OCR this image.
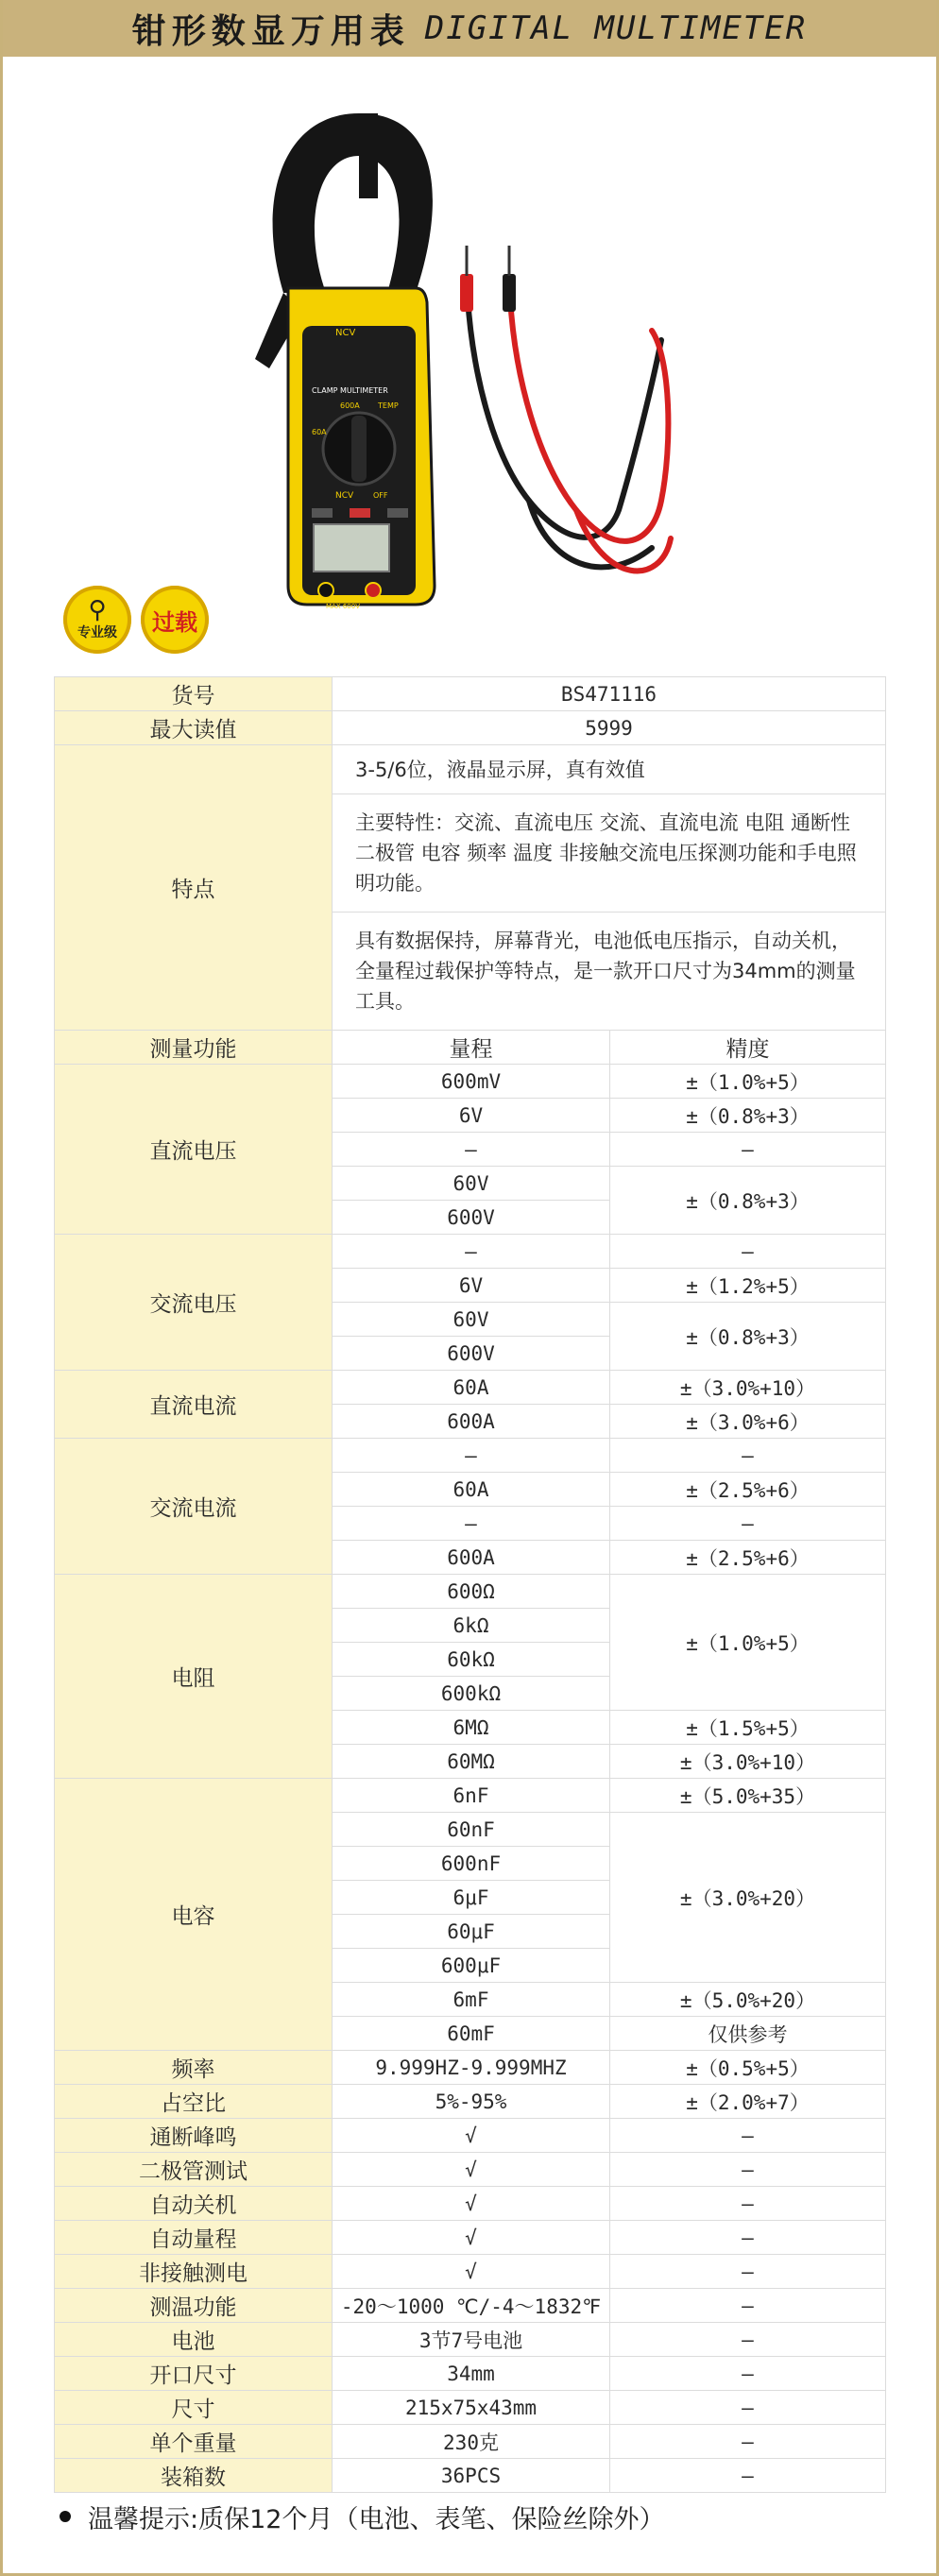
钳形数显万用表 DIGITAL MULTIMETER
NCV
CLAMP MULTIMETER
600A
60A
TEMP
NCV	OFF
MAX 600V
⚲
专业级 过载
货号	BS471116	
最大读值	5999	
特点	3-5/6位，液晶显示屏，真有效值	
	主要特性：交流、直流电压 交流、直流电流 电阻 通断性 二极管 电容 频率 温度 非接触交流电压探测功能和手电照明功能。	
	具有数据保持，屏幕背光，电池低电压指示，自动关机，全量程过载保护等特点，是一款开口尺寸为34mm的测量工具。	
测量功能	量程	精度
直流电压	600mV	±（1.0%+5）
	6V	±（0.8%+3）
	–	–
	60V	±（0.8%+3）
	600V	
交流电压	–	–
	6V	±（1.2%+5）
	60V	±（0.8%+3）
	600V	
直流电流	60A	±（3.0%+10）
	600A	±（3.0%+6）
交流电流	–	–
	60A	±（2.5%+6）
	–	–
	600A	±（2.5%+6）
电阻	600Ω	±（1.0%+5）
	6kΩ	
	60kΩ	
	600kΩ	
	6MΩ	±（1.5%+5）
	60MΩ	±（3.0%+10）
电容	6nF	±（5.0%+35）
	60nF	±（3.0%+20）
	600nF	
	6μF	
	60μF	
	600μF	
	6mF	±（5.0%+20）
	60mF	仅供参考
频率	9.999HZ-9.999MHZ	±（0.5%+5）
占空比	5%-95%	±（2.0%+7）
通断峰鸣	√	–
二极管测试	√	–
自动关机	√	–
自动量程	√	–
非接触测电	√	–
测温功能	-20～1000 ℃/-4～1832℉	–
电池	3节7号电池	–
开口尺寸	34mm	–
尺寸	215x75x43mm	–
单个重量	230克	–
装箱数	36PCS	–
温馨提示:质保12个月（电池、表笔、保险丝除外）
